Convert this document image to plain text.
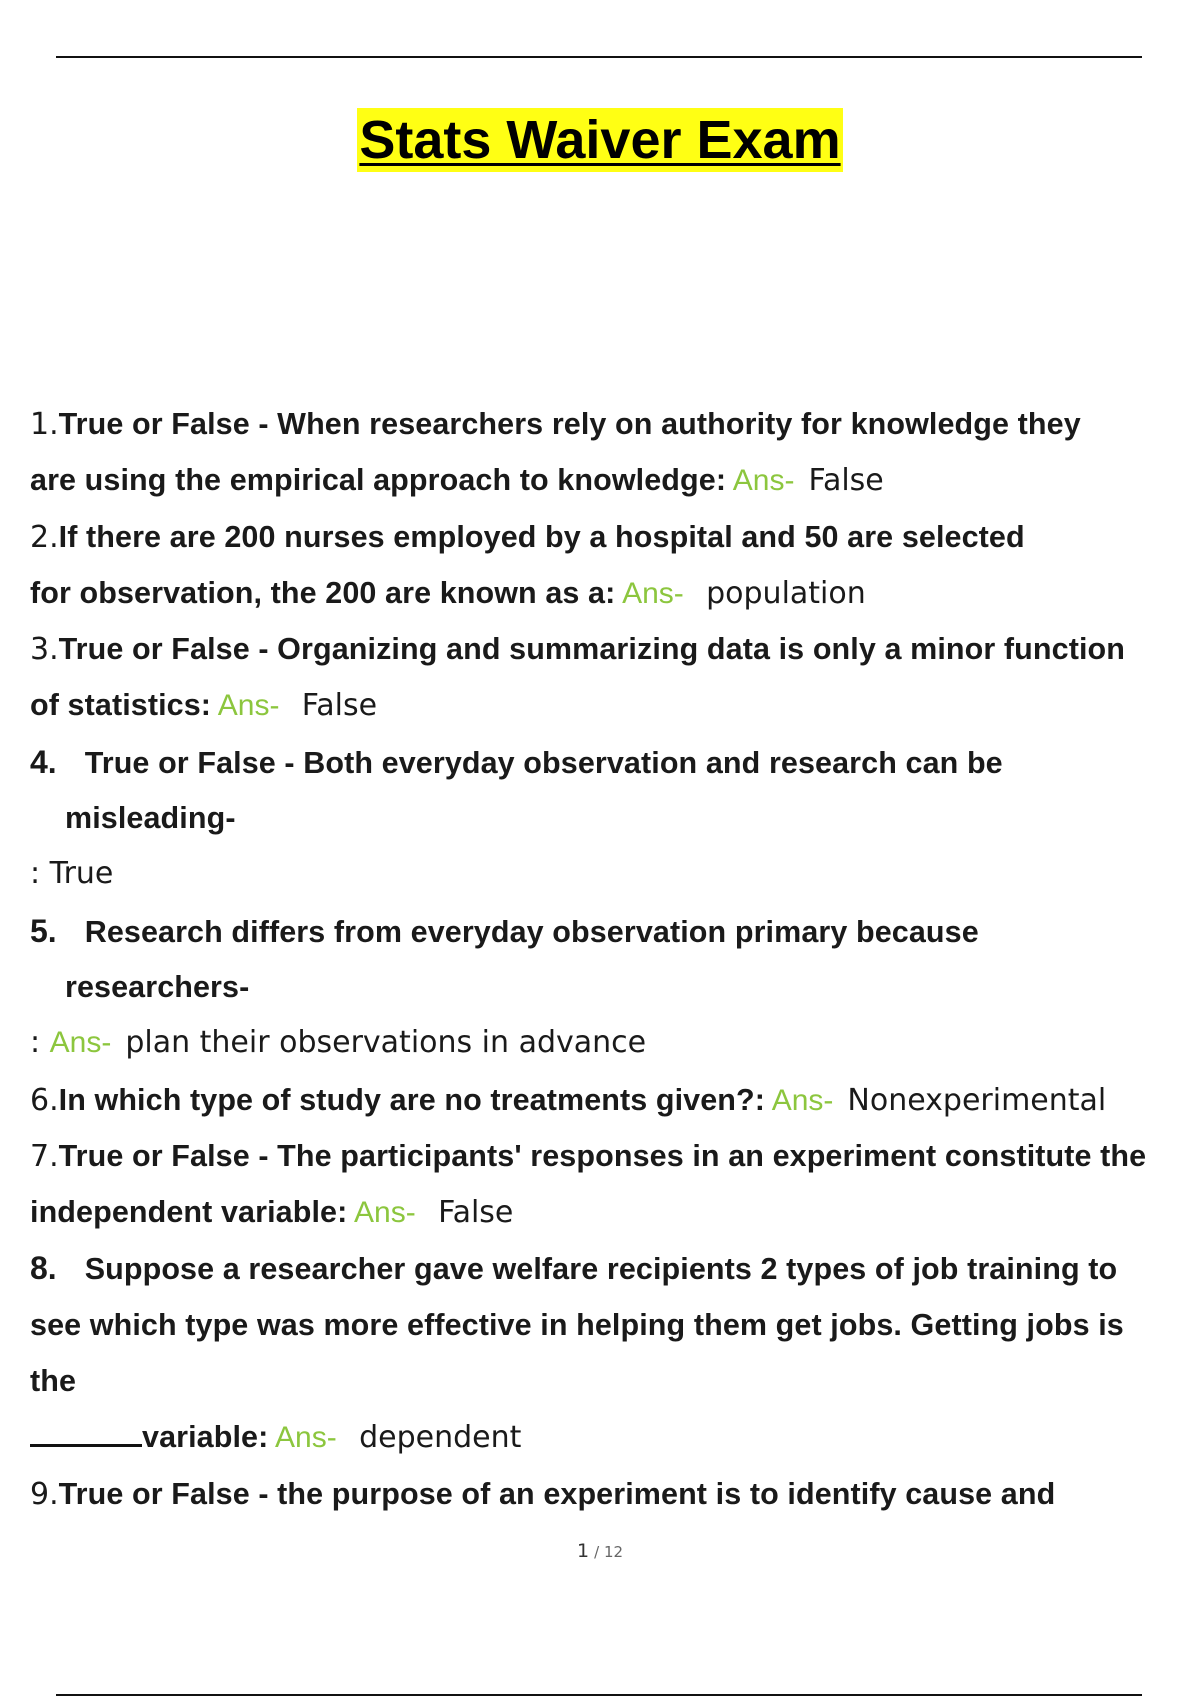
Stats Waiver Exam
1.True or False - When researchers rely on authority for knowledge they
are using the empirical approach to knowledge: Ans- False
2.If there are 200 nurses employed by a hospital and 50 are selected
for observation, the 200 are known as a: Ans- population
3.True or False - Organizing and summarizing data is only a minor function
of statistics: Ans- False
4. True or False - Both everyday observation and research can be
misleading-
: True
5. Research differs from everyday observation primary because
researchers-
: Ans- plan their observations in advance
6.In which type of study are no treatments given?: Ans- Nonexperimental
7.True or False - The participants' responses in an experiment constitute the
independent variable: Ans- False
8. Suppose a researcher gave welfare recipients 2 types of job training to
see which type was more effective in helping them get jobs. Getting jobs is
the
variable: Ans- dependent
9.True or False - the purpose of an experiment is to identify cause and
1 / 12
